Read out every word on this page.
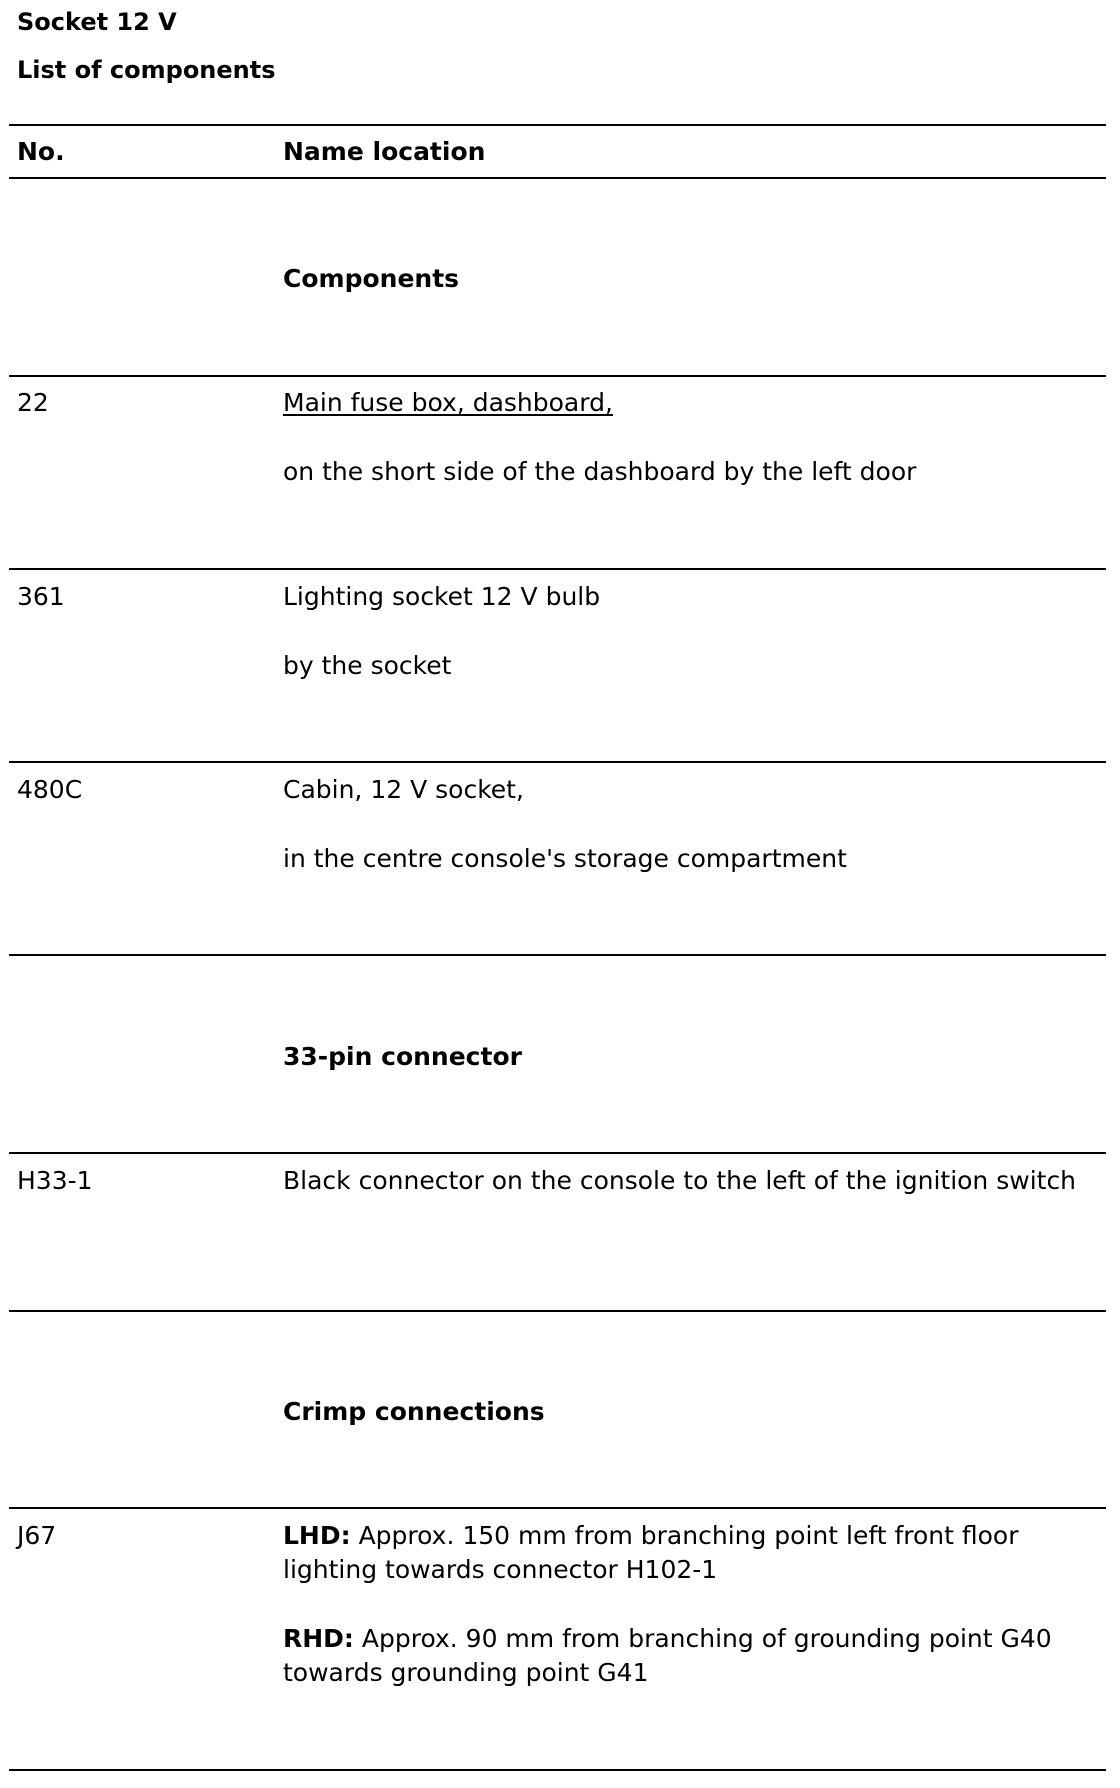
Socket 12 V
List of components
No.	Name location
Components
22	Main fuse box, dashboard,
on the short side of the dashboard by the left door
361	Lighting socket 12 V bulb
by the socket
480C	Cabin, 12 V socket,
in the centre console's storage compartment
33-pin connector
H33-1	Black connector on the console to the left of the ignition switch
Crimp connections
J67	LHD: Approx. 150 mm from branching point left front floor lighting towards connector H102-1
RHD: Approx. 90 mm from branching of grounding point G40 towards grounding point G41
